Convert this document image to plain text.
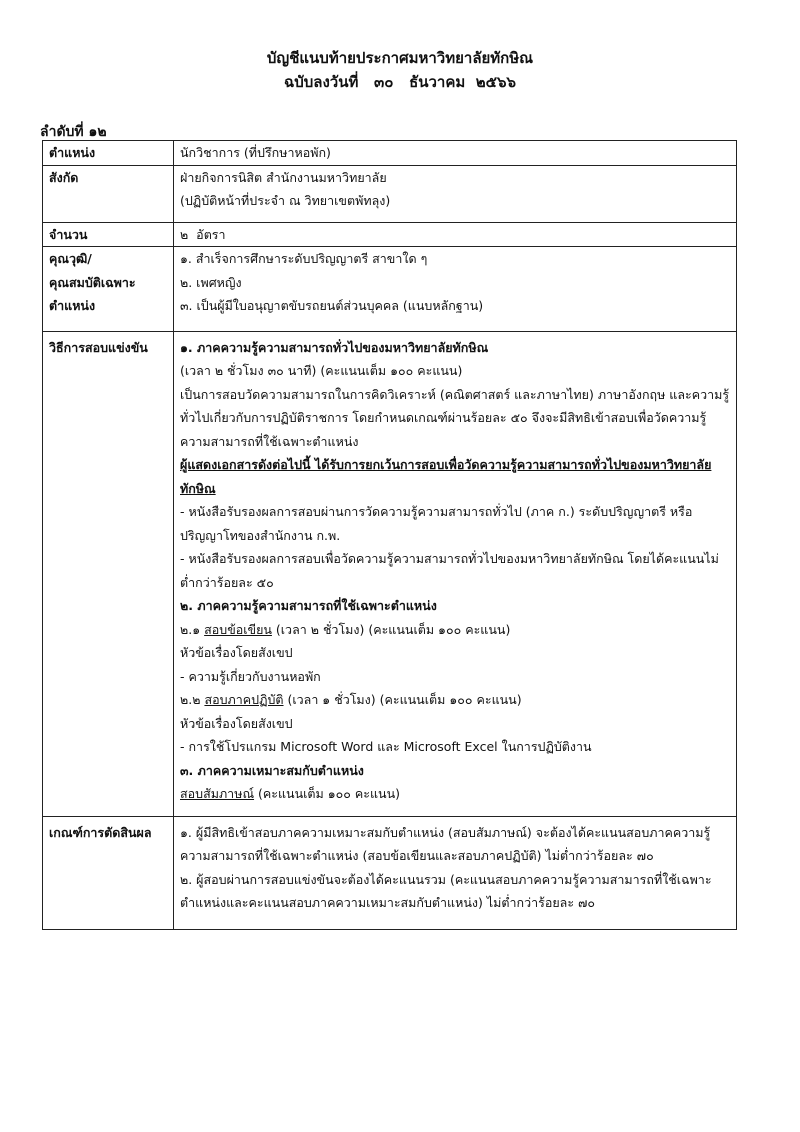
บัญชีแนบท้ายประกาศมหาวิทยาลัยทักษิณ
ฉบับลงวันที่   ๓๐   ธันวาคม  ๒๕๖๖
ลำดับที่ ๑๒
ตำแหน่ง	นักวิชาการ (ที่ปรึกษาหอพัก)
สังกัด	ฝ่ายกิจการนิสิต สำนักงานมหาวิทยาลัย
(ปฏิบัติหน้าที่ประจำ ณ วิทยาเขตพัทลุง)

จำนวน	๒  อัตรา

คุณวุฒิ/
คุณสมบัติเฉพาะ
ตำแหน่ง	๑. สำเร็จการศึกษาระดับปริญญาตรี สาขาใด ๆ
๒. เพศหญิง
๓. เป็นผู้มีใบอนุญาตขับรถยนต์ส่วนบุคคล (แนบหลักฐาน)

วิธีการสอบแข่งขัน	๑. ภาคความรู้ความสามารถทั่วไปของมหาวิทยาลัยทักษิณ
(เวลา ๒ ชั่วโมง ๓๐ นาที) (คะแนนเต็ม ๑๐๐ คะแนน)
เป็นการสอบวัดความสามารถในการคิดวิเคราะห์ (คณิตศาสตร์ และภาษาไทย) ภาษาอังกฤษ และความรู้ทั่วไปเกี่ยวกับการปฏิบัติราชการ โดยกำหนดเกณฑ์ผ่านร้อยละ ๕๐ จึงจะมีสิทธิเข้าสอบเพื่อวัดความรู้ความสามารถที่ใช้เฉพาะตำแหน่ง
ผู้แสดงเอกสารดังต่อไปนี้ ได้รับการยกเว้นการสอบเพื่อวัดความรู้ความสามารถทั่วไปของมหาวิทยาลัยทักษิณ
- หนังสือรับรองผลการสอบผ่านการวัดความรู้ความสามารถทั่วไป (ภาค ก.) ระดับปริญญาตรี หรือปริญญาโทของสำนักงาน ก.พ.
- หนังสือรับรองผลการสอบเพื่อวัดความรู้ความสามารถทั่วไปของมหาวิทยาลัยทักษิณ โดยได้คะแนนไม่ต่ำกว่าร้อยละ ๕๐
๒. ภาคความรู้ความสามารถที่ใช้เฉพาะตำแหน่ง
๒.๑ สอบข้อเขียน (เวลา ๒ ชั่วโมง) (คะแนนเต็ม ๑๐๐ คะแนน)
หัวข้อเรื่องโดยสังเขป
- ความรู้เกี่ยวกับงานหอพัก
๒.๒ สอบภาคปฏิบัติ (เวลา ๑ ชั่วโมง) (คะแนนเต็ม ๑๐๐ คะแนน)
หัวข้อเรื่องโดยสังเขป
- การใช้โปรแกรม Microsoft Word และ Microsoft Excel ในการปฏิบัติงาน
๓. ภาคความเหมาะสมกับตำแหน่ง
สอบสัมภาษณ์ (คะแนนเต็ม ๑๐๐ คะแนน)

เกณฑ์การตัดสินผล	๑. ผู้มีสิทธิเข้าสอบภาคความเหมาะสมกับตำแหน่ง (สอบสัมภาษณ์) จะต้องได้คะแนนสอบภาคความรู้ความสามารถที่ใช้เฉพาะตำแหน่ง (สอบข้อเขียนและสอบภาคปฏิบัติ) ไม่ต่ำกว่าร้อยละ ๗๐
๒. ผู้สอบผ่านการสอบแข่งขันจะต้องได้คะแนนรวม (คะแนนสอบภาคความรู้ความสามารถที่ใช้เฉพาะตำแหน่งและคะแนนสอบภาคความเหมาะสมกับตำแหน่ง) ไม่ต่ำกว่าร้อยละ ๗๐
